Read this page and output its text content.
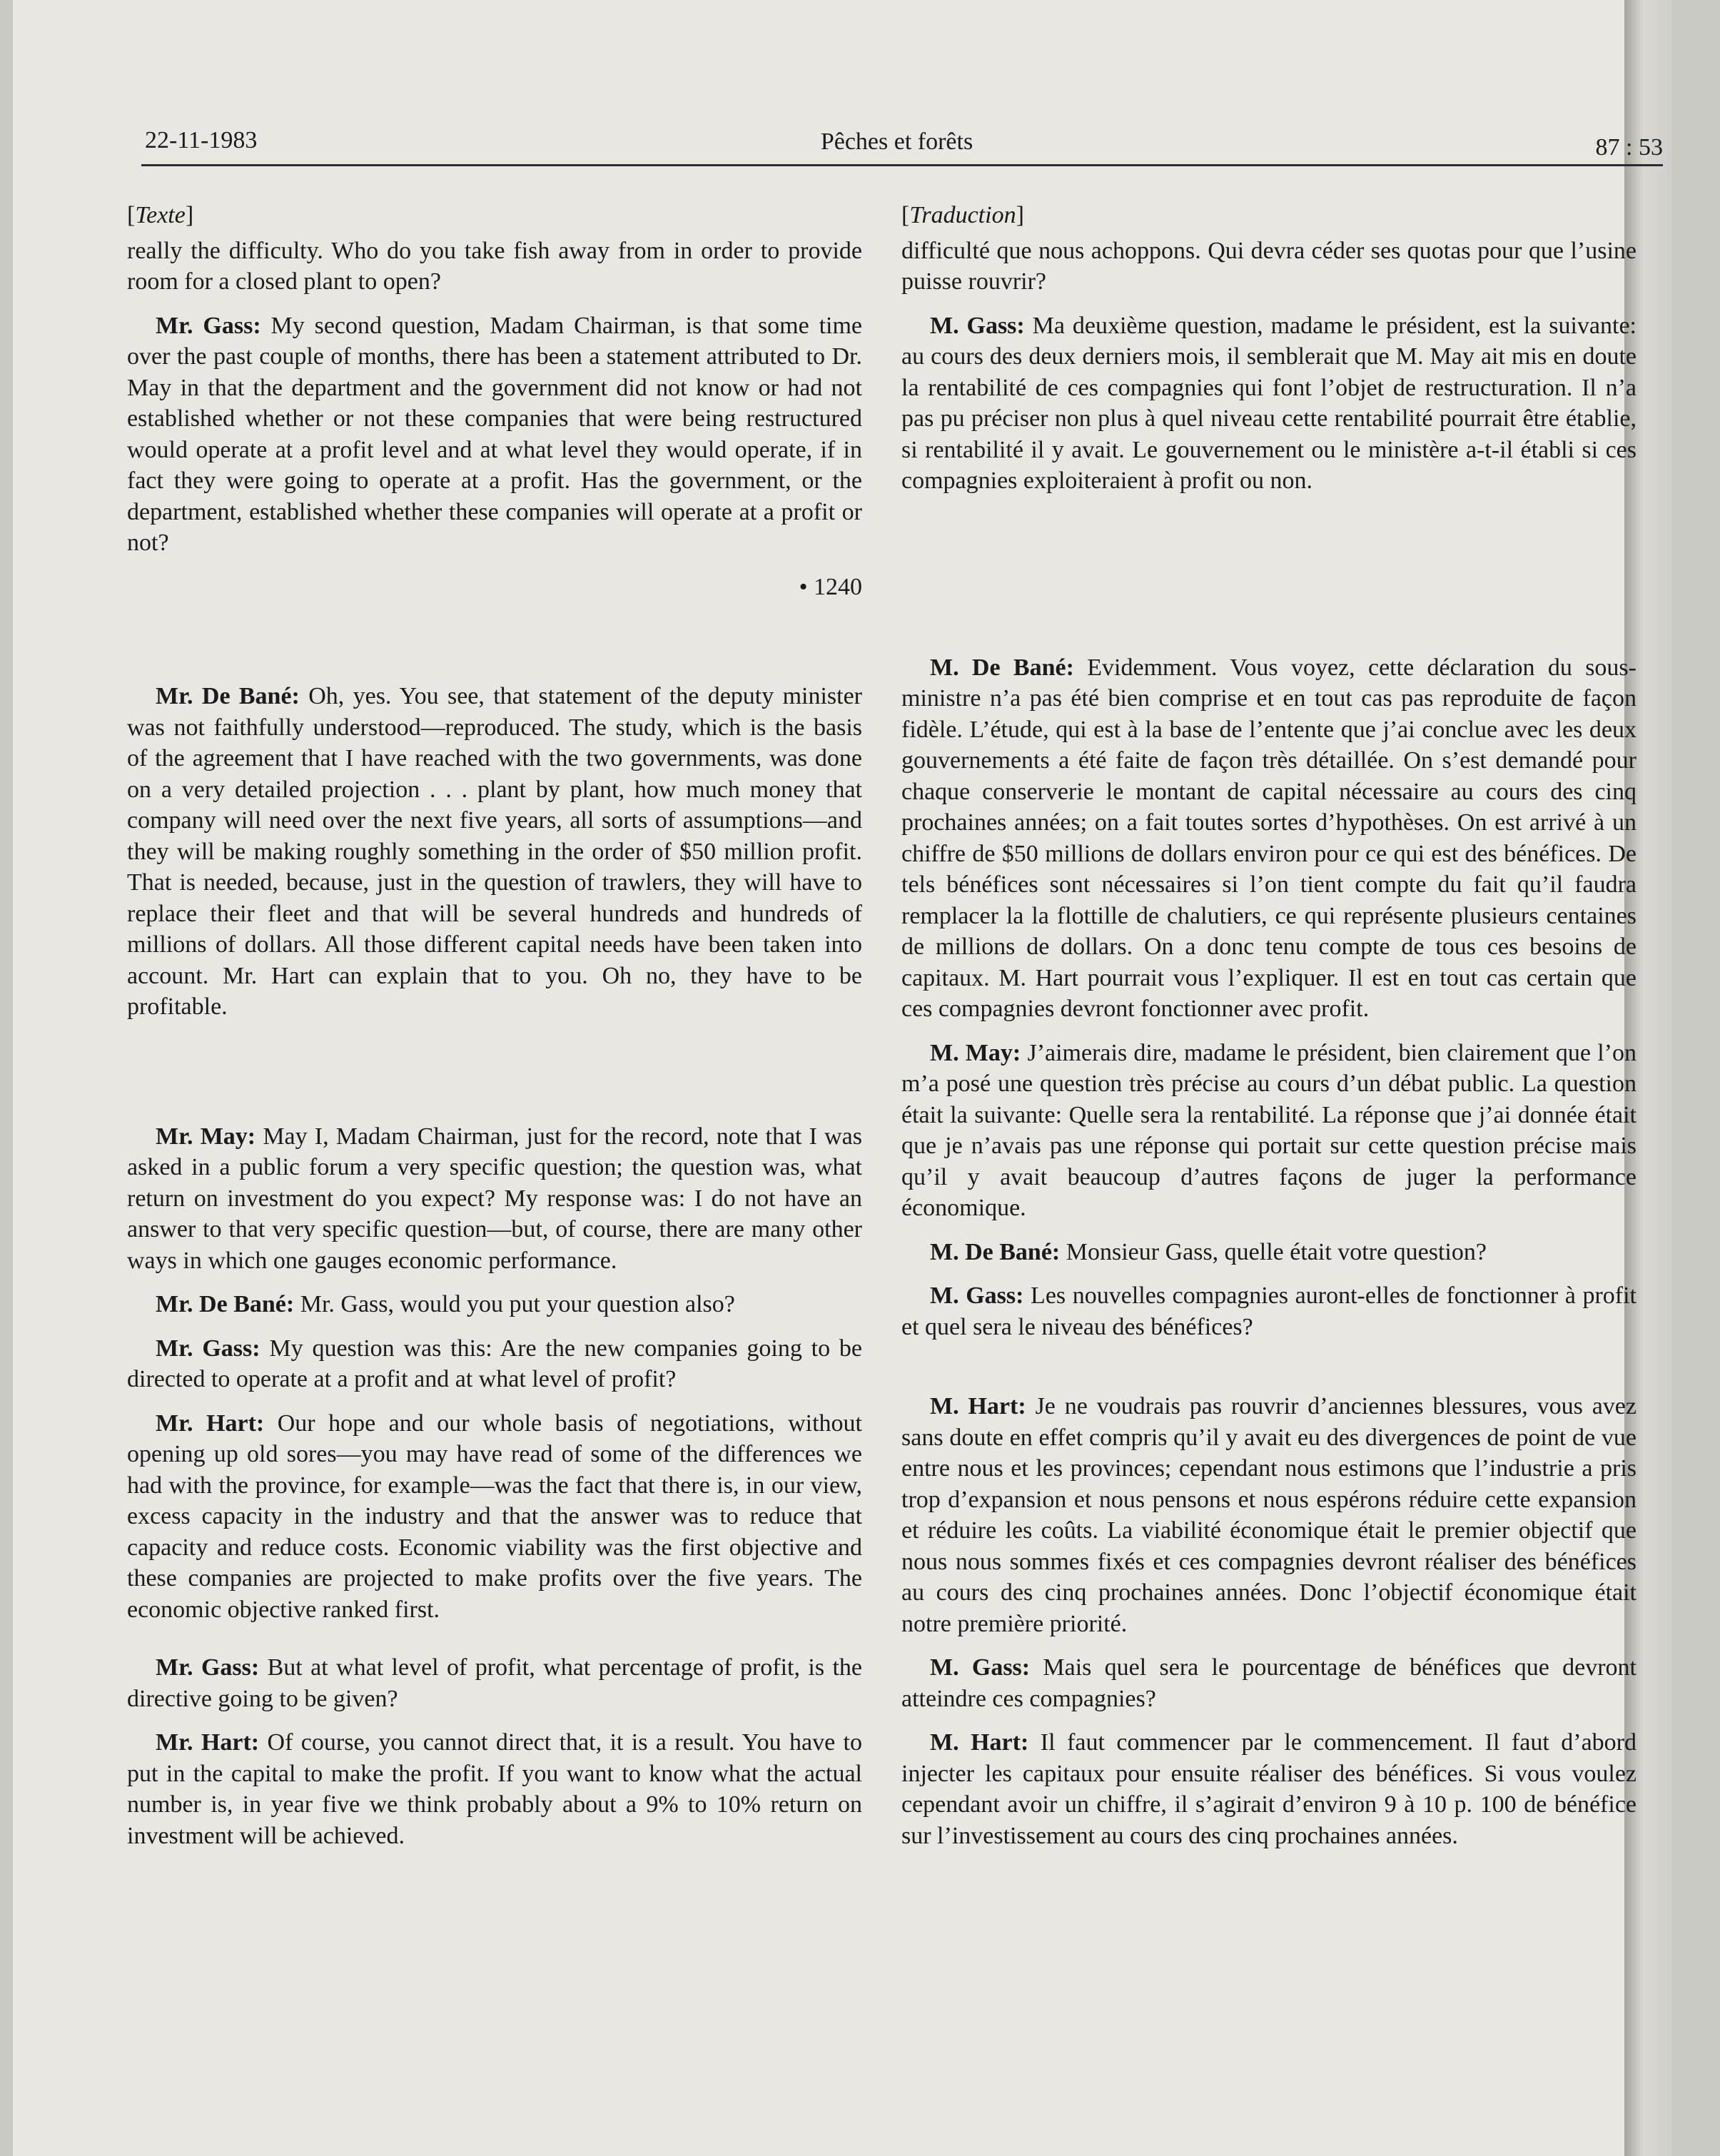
22-11-1983	Pêches et forêts	87 : 53

[Texte]

really the difficulty. Who do you take fish away from in order to provide room for a closed plant to open?

Mr. Gass: My second question, Madam Chairman, is that some time over the past couple of months, there has been a statement attributed to Dr. May in that the department and the government did not know or had not established whether or not these companies that were being restructured would operate at a profit level and at what level they would operate, if in fact they were going to operate at a profit. Has the government, or the department, established whether these companies will operate at a profit or not?

• 1240

Mr. De Bané: Oh, yes. You see, that statement of the deputy minister was not faithfully understood—reproduced. The study, which is the basis of the agreement that I have reached with the two governments, was done on a very detailed projection . . . plant by plant, how much money that company will need over the next five years, all sorts of assumptions—and they will be making roughly something in the order of $50 million profit. That is needed, because, just in the question of trawlers, they will have to replace their fleet and that will be several hundreds and hundreds of millions of dollars. All those different capital needs have been taken into account. Mr. Hart can explain that to you. Oh no, they have to be profitable.

Mr. May: May I, Madam Chairman, just for the record, note that I was asked in a public forum a very specific question; the question was, what return on investment do you expect? My response was: I do not have an answer to that very specific question—but, of course, there are many other ways in which one gauges economic performance.

Mr. De Bané: Mr. Gass, would you put your question also?

Mr. Gass: My question was this: Are the new companies going to be directed to operate at a profit and at what level of profit?

Mr. Hart: Our hope and our whole basis of negotiations, without opening up old sores—you may have read of some of the differences we had with the province, for example—was the fact that there is, in our view, excess capacity in the industry and that the answer was to reduce that capacity and reduce costs. Economic viability was the first objective and these companies are projected to make profits over the five years. The economic objective ranked first.

Mr. Gass: But at what level of profit, what percentage of profit, is the directive going to be given?

Mr. Hart: Of course, you cannot direct that, it is a result. You have to put in the capital to make the profit. If you want to know what the actual number is, in year five we think probably about a 9% to 10% return on investment will be achieved.

[Traduction]

difficulté que nous achoppons. Qui devra céder ses quotas pour que l’usine puisse rouvrir?

M. Gass: Ma deuxième question, madame le président, est la suivante: au cours des deux derniers mois, il semblerait que M. May ait mis en doute la rentabilité de ces compagnies qui font l’objet de restructuration. Il n’a pas pu préciser non plus à quel niveau cette rentabilité pourrait être établie, si rentabilité il y avait. Le gouvernement ou le ministère a-t-il établi si ces compagnies exploiteraient à profit ou non.

M. De Bané: Evidemment. Vous voyez, cette déclaration du sous-ministre n’a pas été bien comprise et en tout cas pas reproduite de façon fidèle. L’étude, qui est à la base de l’entente que j’ai conclue avec les deux gouvernements a été faite de façon très détaillée. On s’est demandé pour chaque conserverie le montant de capital nécessaire au cours des cinq prochaines années; on a fait toutes sortes d’hypothèses. On est arrivé à un chiffre de $50 millions de dollars environ pour ce qui est des bénéfices. De tels bénéfices sont nécessaires si l’on tient compte du fait qu’il faudra remplacer la la flottille de chalutiers, ce qui représente plusieurs centaines de millions de dollars. On a donc tenu compte de tous ces besoins de capitaux. M. Hart pourrait vous l’expliquer. Il est en tout cas certain que ces compagnies devront fonctionner avec profit.

M. May: J’aimerais dire, madame le président, bien clairement que l’on m’a posé une question très précise au cours d’un débat public. La question était la suivante: Quelle sera la rentabilité. La réponse que j’ai donnée était que je n’avais pas une réponse qui portait sur cette question précise mais qu’il y avait beaucoup d’autres façons de juger la performance économique.

M. De Bané: Monsieur Gass, quelle était votre question?

M. Gass: Les nouvelles compagnies auront-elles de fonctionner à profit et quel sera le niveau des bénéfices?

M. Hart: Je ne voudrais pas rouvrir d’anciennes blessures, vous avez sans doute en effet compris qu’il y avait eu des divergences de point de vue entre nous et les provinces; cependant nous estimons que l’industrie a pris trop d’expansion et nous pensons et nous espérons réduire cette expansion et réduire les coûts. La viabilité économique était le premier objectif que nous nous sommes fixés et ces compagnies devront réaliser des bénéfices au cours des cinq prochaines années. Donc l’objectif économique était notre première priorité.

M. Gass: Mais quel sera le pourcentage de bénéfices que devront atteindre ces compagnies?

M. Hart: Il faut commencer par le commencement. Il faut d’abord injecter les capitaux pour ensuite réaliser des bénéfices. Si vous voulez cependant avoir un chiffre, il s’agirait d’environ 9 à 10 p. 100 de bénéfice sur l’investissement au cours des cinq prochaines années.
